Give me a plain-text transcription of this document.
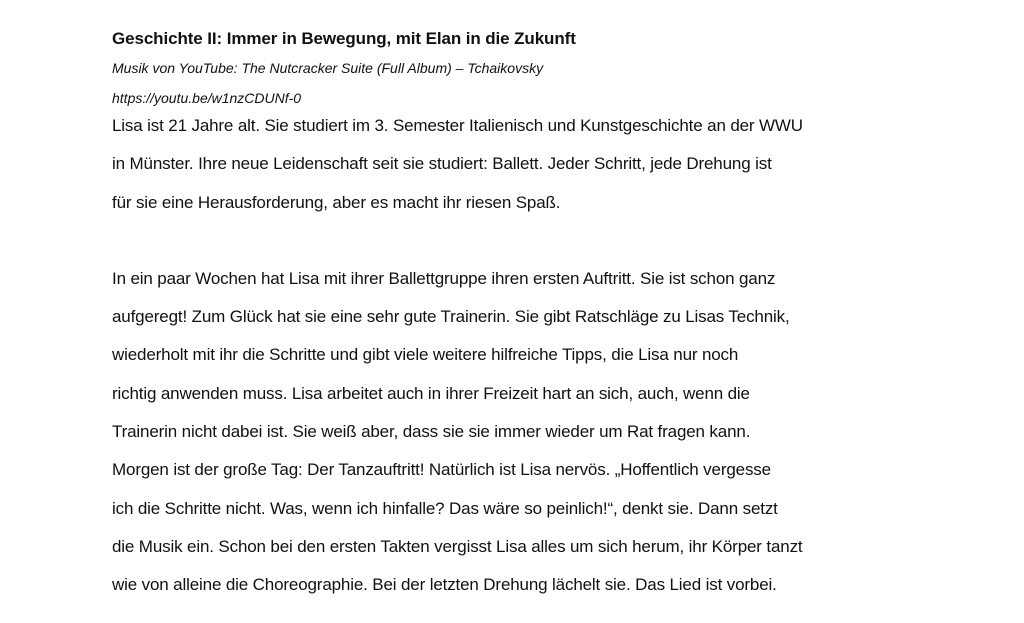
Geschichte II: Immer in Bewegung, mit Elan in die Zukunft
Musik von YouTube: The Nutcracker Suite (Full Album) – Tchaikovsky
https://youtu.be/w1nzCDUNf-0

Lisa ist 21 Jahre alt. Sie studiert im 3. Semester Italienisch und Kunstgeschichte an der WWU
in Münster. Ihre neue Leidenschaft seit sie studiert: Ballett. Jeder Schritt, jede Drehung ist
für sie eine Herausforderung, aber es macht ihr riesen Spaß.

In ein paar Wochen hat Lisa mit ihrer Ballettgruppe ihren ersten Auftritt. Sie ist schon ganz
aufgeregt! Zum Glück hat sie eine sehr gute Trainerin. Sie gibt Ratschläge zu Lisas Technik,
wiederholt mit ihr die Schritte und gibt viele weitere hilfreiche Tipps, die Lisa nur noch
richtig anwenden muss. Lisa arbeitet auch in ihrer Freizeit hart an sich, auch, wenn die
Trainerin nicht dabei ist. Sie weiß aber, dass sie sie immer wieder um Rat fragen kann.
Morgen ist der große Tag: Der Tanzauftritt! Natürlich ist Lisa nervös. „Hoffentlich vergesse
ich die Schritte nicht. Was, wenn ich hinfalle? Das wäre so peinlich!“, denkt sie. Dann setzt
die Musik ein. Schon bei den ersten Takten vergisst Lisa alles um sich herum, ihr Körper tanzt
wie von alleine die Choreographie. Bei der letzten Drehung lächelt sie. Das Lied ist vorbei.
